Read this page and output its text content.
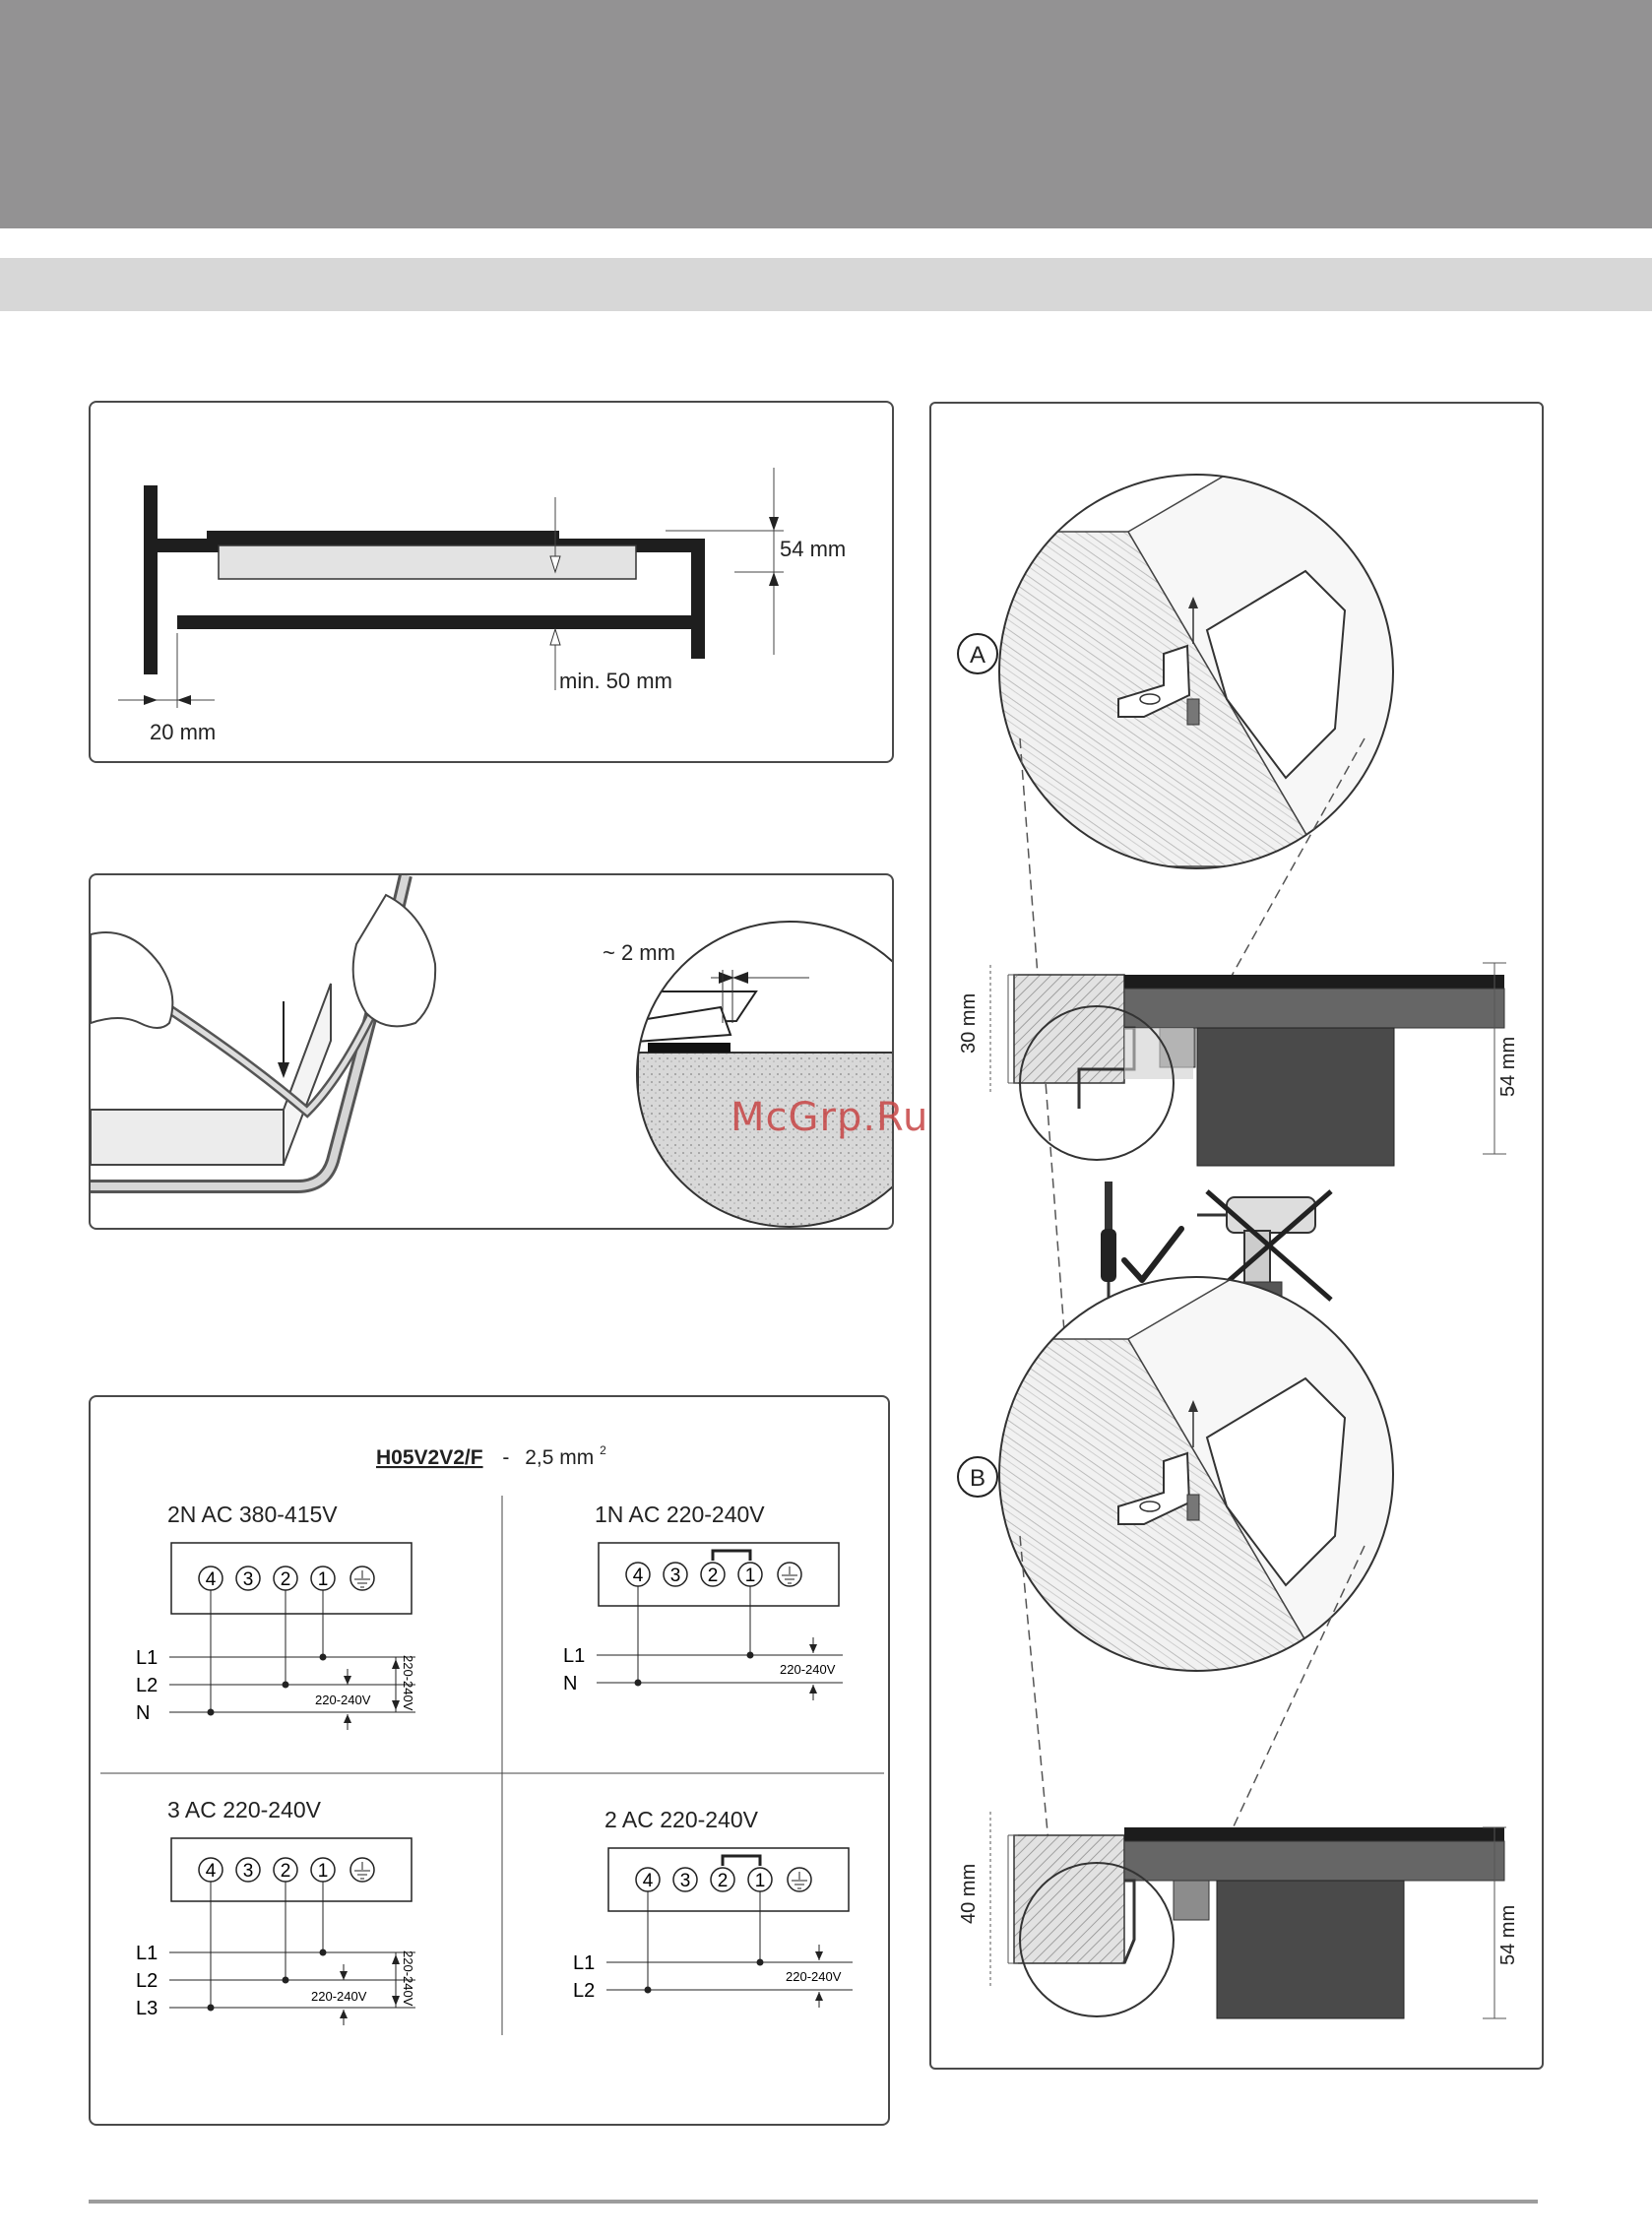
54 mm
min. 50 mm
20 mm
~ 2 mm
H05V2V2/F - 2,5 mm $^2$
2N AC 380-415V
4 3 2 1
L1
L2
N
220-240V 220-240V
1N AC 220-240V
4 3 2 1
L1
N
220-240V
3 AC 220-240V
4 3 2 1
L1
L2
L3
220-240V	220-240V
2 AC 220-240V
4 3 2 1
L1
L2
220-240V
A
30 mm
54 mm
B
40 mm
54 mm
McGrp.Ru
